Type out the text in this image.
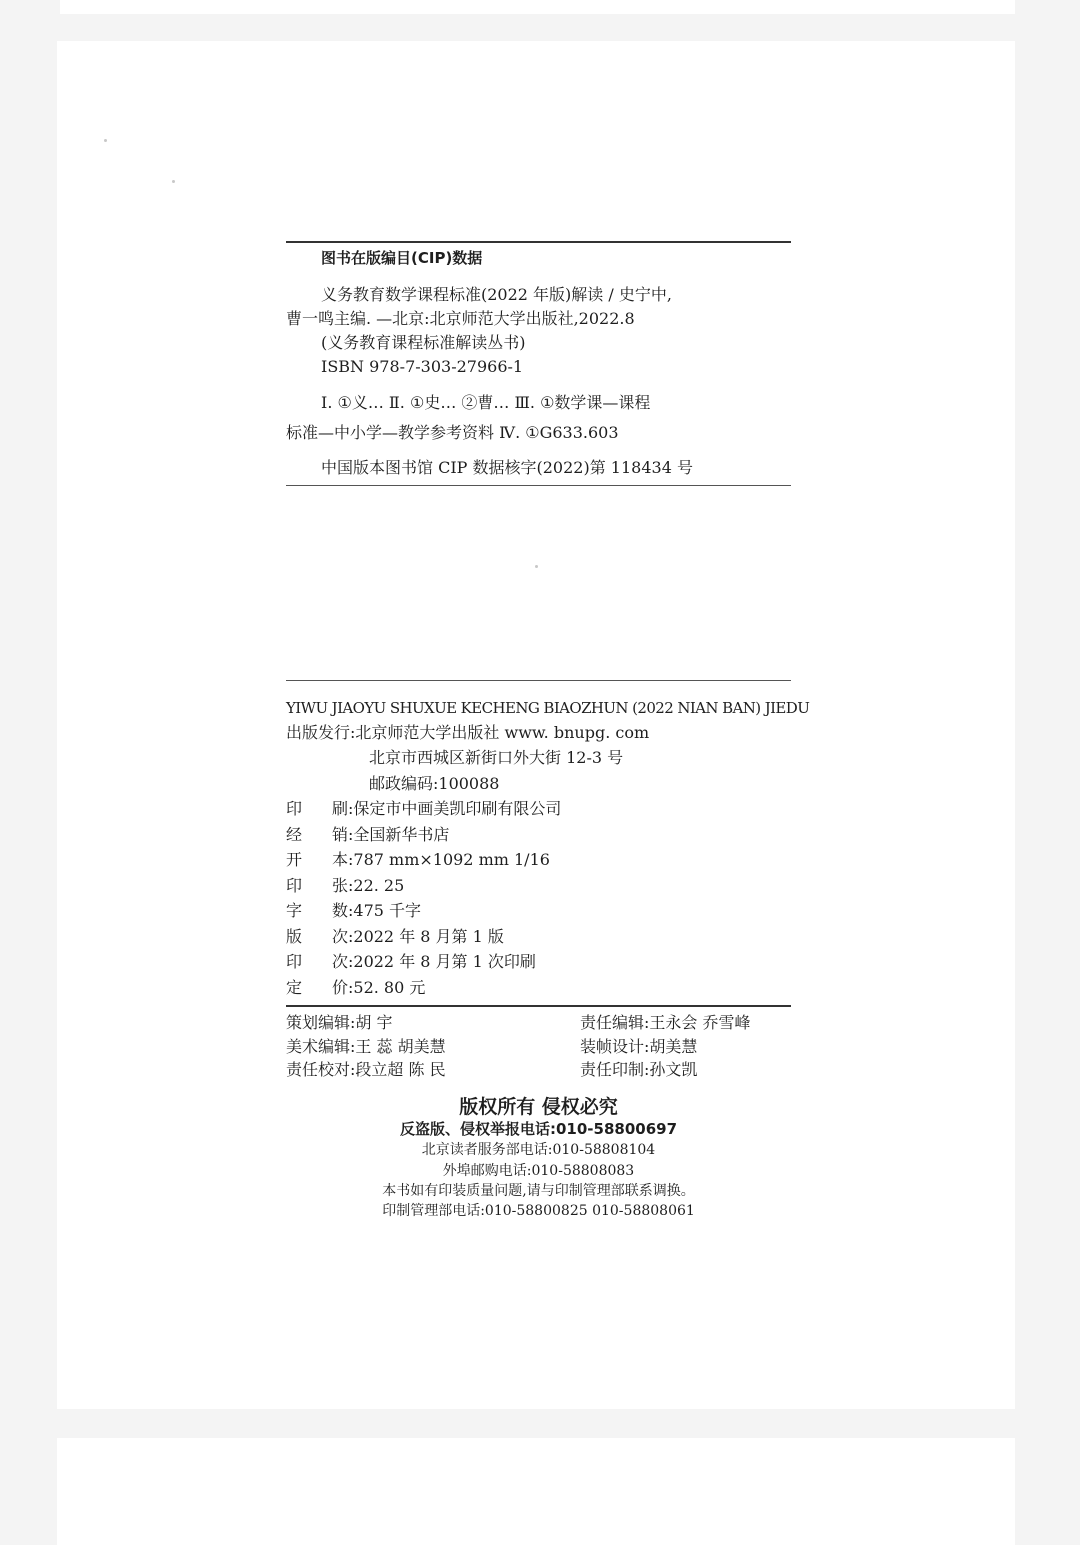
图书在版编目(CIP)数据
义务教育数学课程标准(2022 年版)解读 / 史宁中,
曹一鸣主编. —北京:北京师范大学出版社,2022.8
(义务教育课程标准解读丛书)
ISBN 978-7-303-27966-1
Ⅰ. ①义… Ⅱ. ①史… ②曹… Ⅲ. ①数学课—课程
标准—中小学—教学参考资料 Ⅳ. ①G633.603
中国版本图书馆 CIP 数据核字(2022)第 118434 号
YIWU JIAOYU SHUXUE KECHENG BIAOZHUN (2022 NIAN BAN) JIEDU
出版发行:北京师范大学出版社 www. bnupg. com
北京市西城区新街口外大街 12-3 号
邮政编码:100088
印刷:保定市中画美凯印刷有限公司
经销:全国新华书店
开本:787 mm×1092 mm 1/16
印张:22. 25
字数:475 千字
版次:2022 年 8 月第 1 版
印次:2022 年 8 月第 1 次印刷
定价:52. 80 元
策划编辑:胡 宇
美术编辑:王 蕊 胡美慧
责任校对:段立超 陈 民
责任编辑:王永会 乔雪峰
装帧设计:胡美慧
责任印制:孙文凯
版权所有 侵权必究
反盗版、侵权举报电话:010-58800697
北京读者服务部电话:010-58808104
外埠邮购电话:010-58808083
本书如有印装质量问题,请与印制管理部联系调换。
印制管理部电话:010-58800825 010-58808061
